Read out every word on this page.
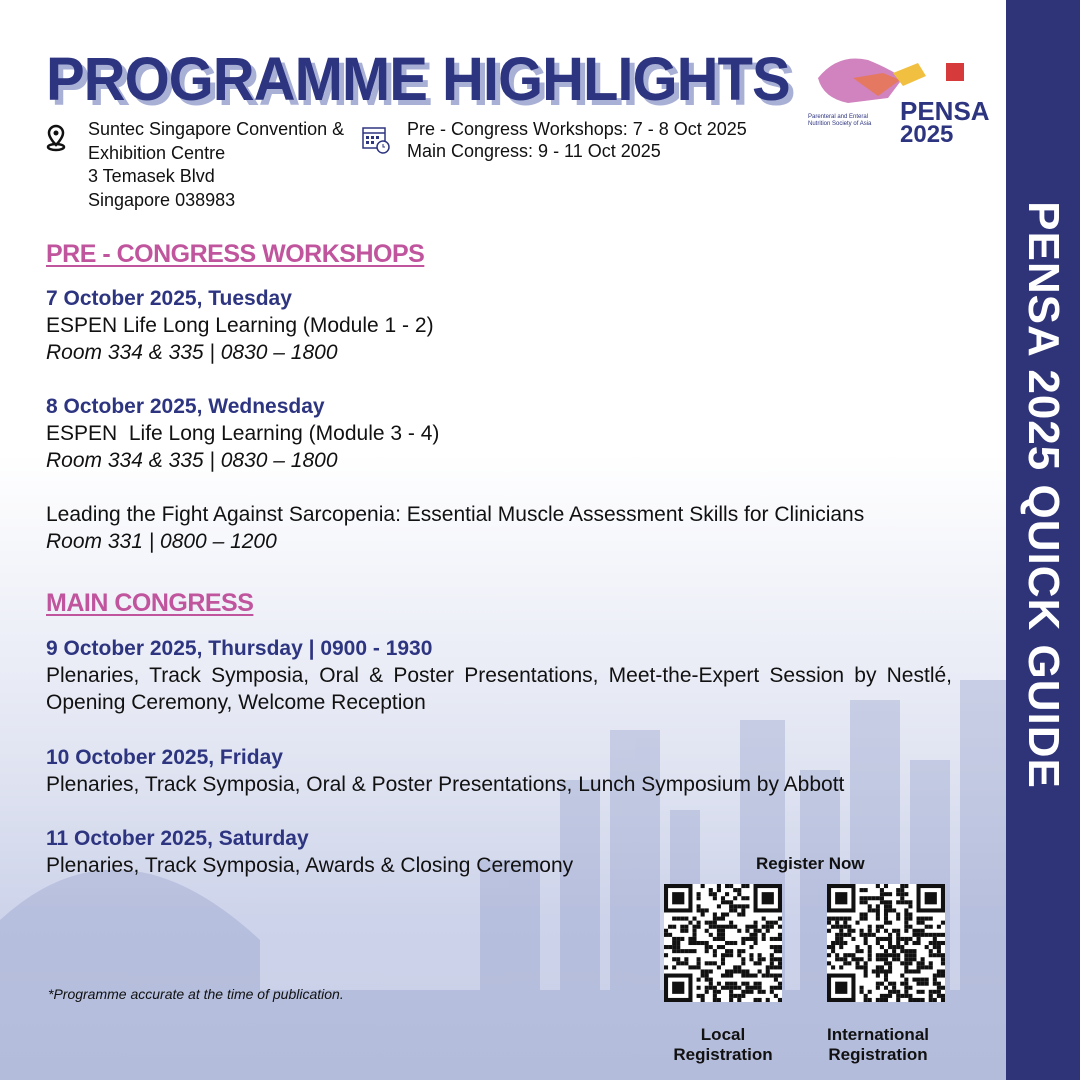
PENSA 2025 QUICK GUIDE
PROGRAMME HIGHLIGHTS	PENSA
2025
Parenteral and Enteral
Nutrition Society of Asia
Suntec Singapore Convention &
Exhibition Centre
3 Temasek Blvd
Singapore 038983
Pre - Congress Workshops: 7 - 8 Oct 2025
Main Congress: 9 - 11 Oct 2025
PRE - CONGRESS WORKSHOPS
7 October 2025, Tuesday
ESPEN Life Long Learning (Module 1 - 2)
Room 334 & 335 | 0830 – 1800
8 October 2025, Wednesday
ESPEN  Life Long Learning (Module 3 - 4)
Room 334 & 335 | 0830 – 1800
Leading the Fight Against Sarcopenia: Essential Muscle Assessment Skills for Clinicians
Room 331 | 0800 – 1200
MAIN CONGRESS
9 October 2025, Thursday | 0900 - 1930
Plenaries, Track Symposia, Oral & Poster Presentations, Meet-the-Expert Session by Nestlé, Opening Ceremony, Welcome Reception
10 October 2025, Friday
Plenaries, Track Symposia, Oral & Poster Presentations, Lunch Symposium by Abbott
11 October 2025, Saturday
Plenaries, Track Symposia, Awards & Closing Ceremony
*Programme accurate at the time of publication.
Register Now
Local Registration
International Registration
